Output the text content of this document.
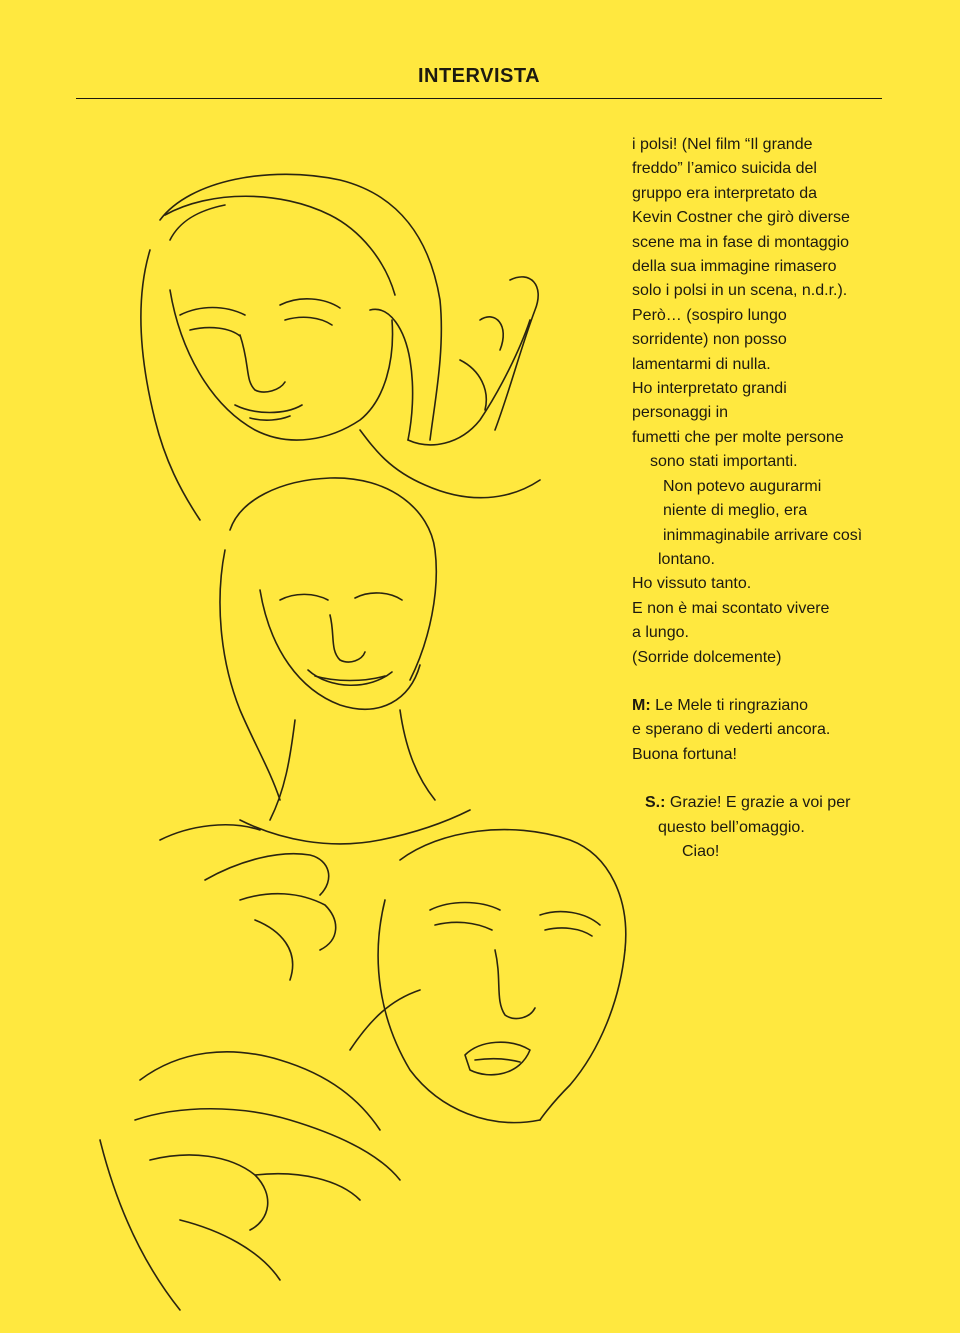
INTERVISTA
i polsi! (Nel film “Il grande
freddo” l’amico suicida del
gruppo era interpretato da
Kevin Costner che girò diverse
scene ma in fase di montaggio
della sua immagine rimasero
solo i polsi in un scena, n.d.r.).
Però… (sospiro lungo
sorridente) non posso
lamentarmi di nulla.
Ho interpretato grandi
personaggi in
fumetti che per molte persone
sono stati importanti.
Non potevo augurarmi
niente di meglio, era
inimmaginabile arrivare così
lontano.
Ho vissuto tanto.
E non è mai scontato vivere
a lungo.
(Sorride dolcemente)
M: Le Mele ti ringraziano
e sperano di vederti ancora.
Buona fortuna!
S.: Grazie! E grazie a voi per
questo bell’omaggio.
Ciao!
